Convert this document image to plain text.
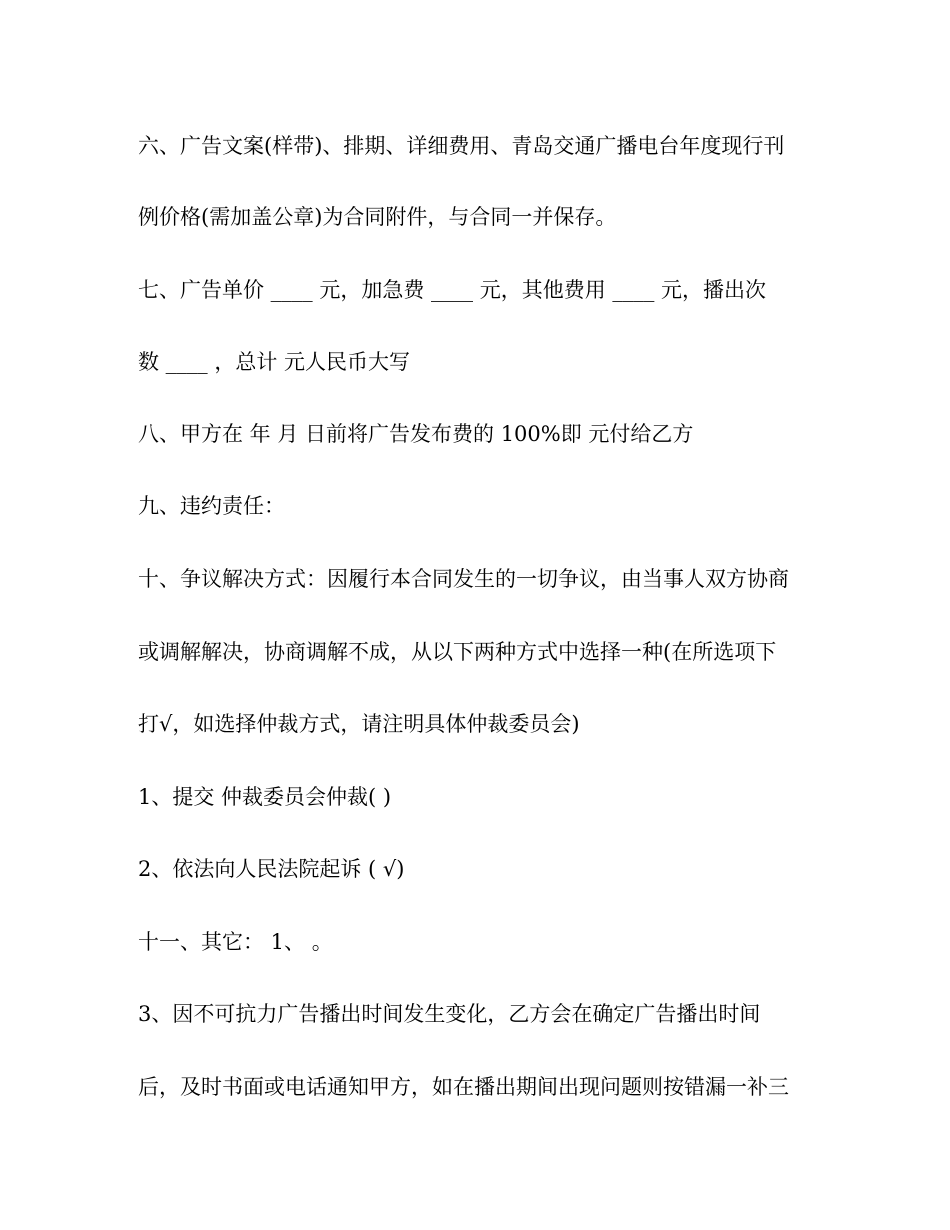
六、广告文案(样带)、排期、详细费用、青岛交通广播电台年度现行刊
例价格(需加盖公章)为合同附件，与合同一并保存。
七、广告单价 ____ 元，加急费 ____ 元，其他费用 ____ 元，播出次
数 ____ ，总计 元人民币大写
八、甲方在 年 月 日前将广告发布费的 100%即 元付给乙方
九、违约责任：
十、争议解决方式：因履行本合同发生的一切争议，由当事人双方协商
或调解解决，协商调解不成，从以下两种方式中选择一种(在所选项下
打√，如选择仲裁方式，请注明具体仲裁委员会)
1、提交 仲裁委员会仲裁( )
2、依法向人民法院起诉 ( √)
十一、其它： 1、 。
3、因不可抗力广告播出时间发生变化，乙方会在确定广告播出时间
后，及时书面或电话通知甲方，如在播出期间出现问题则按错漏一补三
